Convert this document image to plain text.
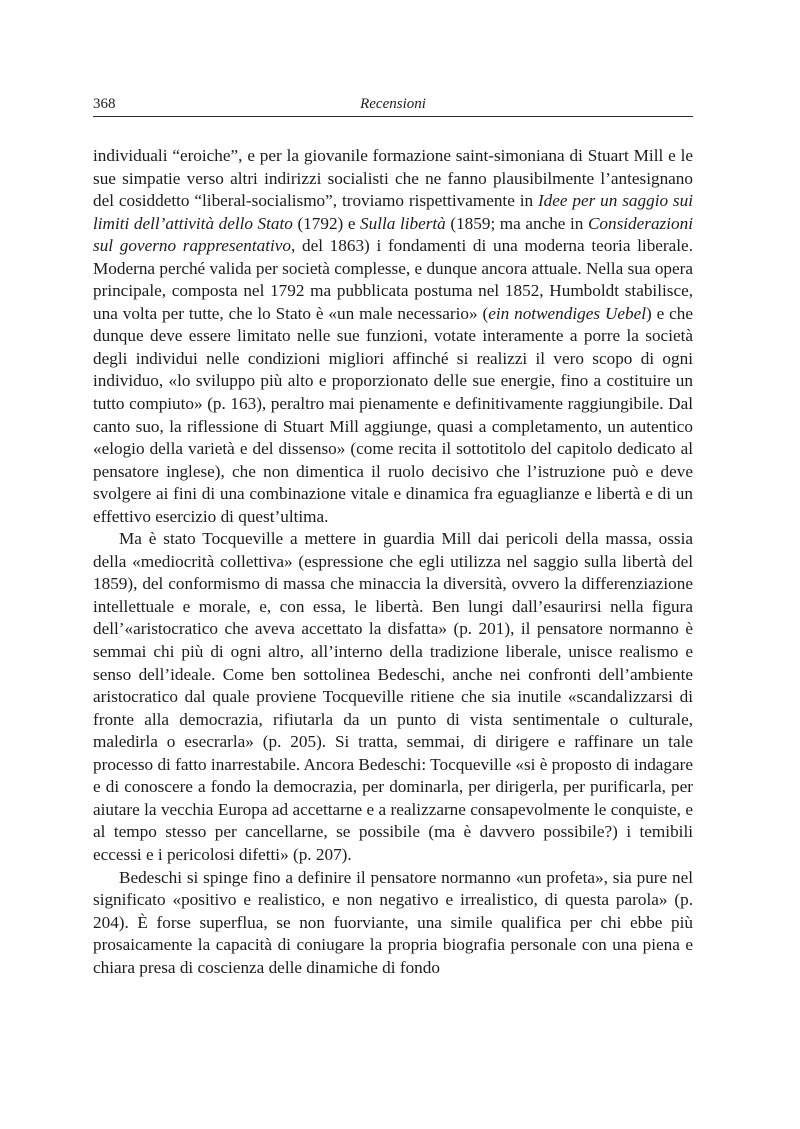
368	Recensioni

individuali “eroiche”, e per la giovanile formazione saint-simoniana di Stuart Mill e le sue simpatie verso altri indirizzi socialisti che ne fanno plausibilmente l’antesignano del cosiddetto “liberal-socialismo”, troviamo rispettivamente in Idee per un saggio sui limiti dell’attività dello Stato (1792) e Sulla libertà (1859; ma anche in Considerazioni sul governo rappresentativo, del 1863) i fondamenti di una moderna teoria liberale. Moderna perché valida per società complesse, e dunque ancora attuale. Nella sua opera principale, composta nel 1792 ma pubblicata postuma nel 1852, Humboldt stabilisce, una volta per tutte, che lo Stato è «un male necessario» (ein notwendiges Uebel) e che dunque deve essere limitato nelle sue funzioni, votate interamente a porre la società degli individui nelle condizioni migliori affinché si realizzi il vero scopo di ogni individuo, «lo sviluppo più alto e proporzionato delle sue energie, fino a costituire un tutto compiuto» (p. 163), peraltro mai pienamente e definitivamente raggiungibile. Dal canto suo, la riflessione di Stuart Mill aggiunge, quasi a completamento, un autentico «elogio della varietà e del dissenso» (come recita il sottotitolo del capitolo dedicato al pensatore inglese), che non dimentica il ruolo decisivo che l’istruzione può e deve svolgere ai fini di una combinazione vitale e dinamica fra eguaglianze e libertà e di un effettivo esercizio di quest’ultima.

Ma è stato Tocqueville a mettere in guardia Mill dai pericoli della massa, ossia della «mediocrità collettiva» (espressione che egli utilizza nel saggio sulla libertà del 1859), del conformismo di massa che minaccia la diversità, ovvero la differenziazione intellettuale e morale, e, con essa, le libertà. Ben lungi dall’esaurirsi nella figura dell’«aristocratico che aveva accettato la disfatta» (p. 201), il pensatore normanno è semmai chi più di ogni altro, all’interno della tradizione liberale, unisce realismo e senso dell’ideale. Come ben sottolinea Bedeschi, anche nei confronti dell’ambiente aristocratico dal quale proviene Tocqueville ritiene che sia inutile «scandalizzarsi di fronte alla democrazia, rifiutarla da un punto di vista sentimentale o culturale, maledirla o esecrarla» (p. 205). Si tratta, semmai, di dirigere e raffinare un tale processo di fatto inarrestabile. Ancora Bedeschi: Tocqueville «si è proposto di indagare e di conoscere a fondo la democrazia, per dominarla, per dirigerla, per purificarla, per aiutare la vecchia Europa ad accettarne e a realizzarne consapevolmente le conquiste, e al tempo stesso per cancellarne, se possibile (ma è davvero possibile?) i temibili eccessi e i pericolosi difetti» (p. 207).

Bedeschi si spinge fino a definire il pensatore normanno «un profeta», sia pure nel significato «positivo e realistico, e non negativo e irrealistico, di questa parola» (p. 204). È forse superflua, se non fuorviante, una simile qualifica per chi ebbe più prosaicamente la capacità di coniugare la propria biografia personale con una piena e chiara presa di coscienza delle dinamiche di fondo
